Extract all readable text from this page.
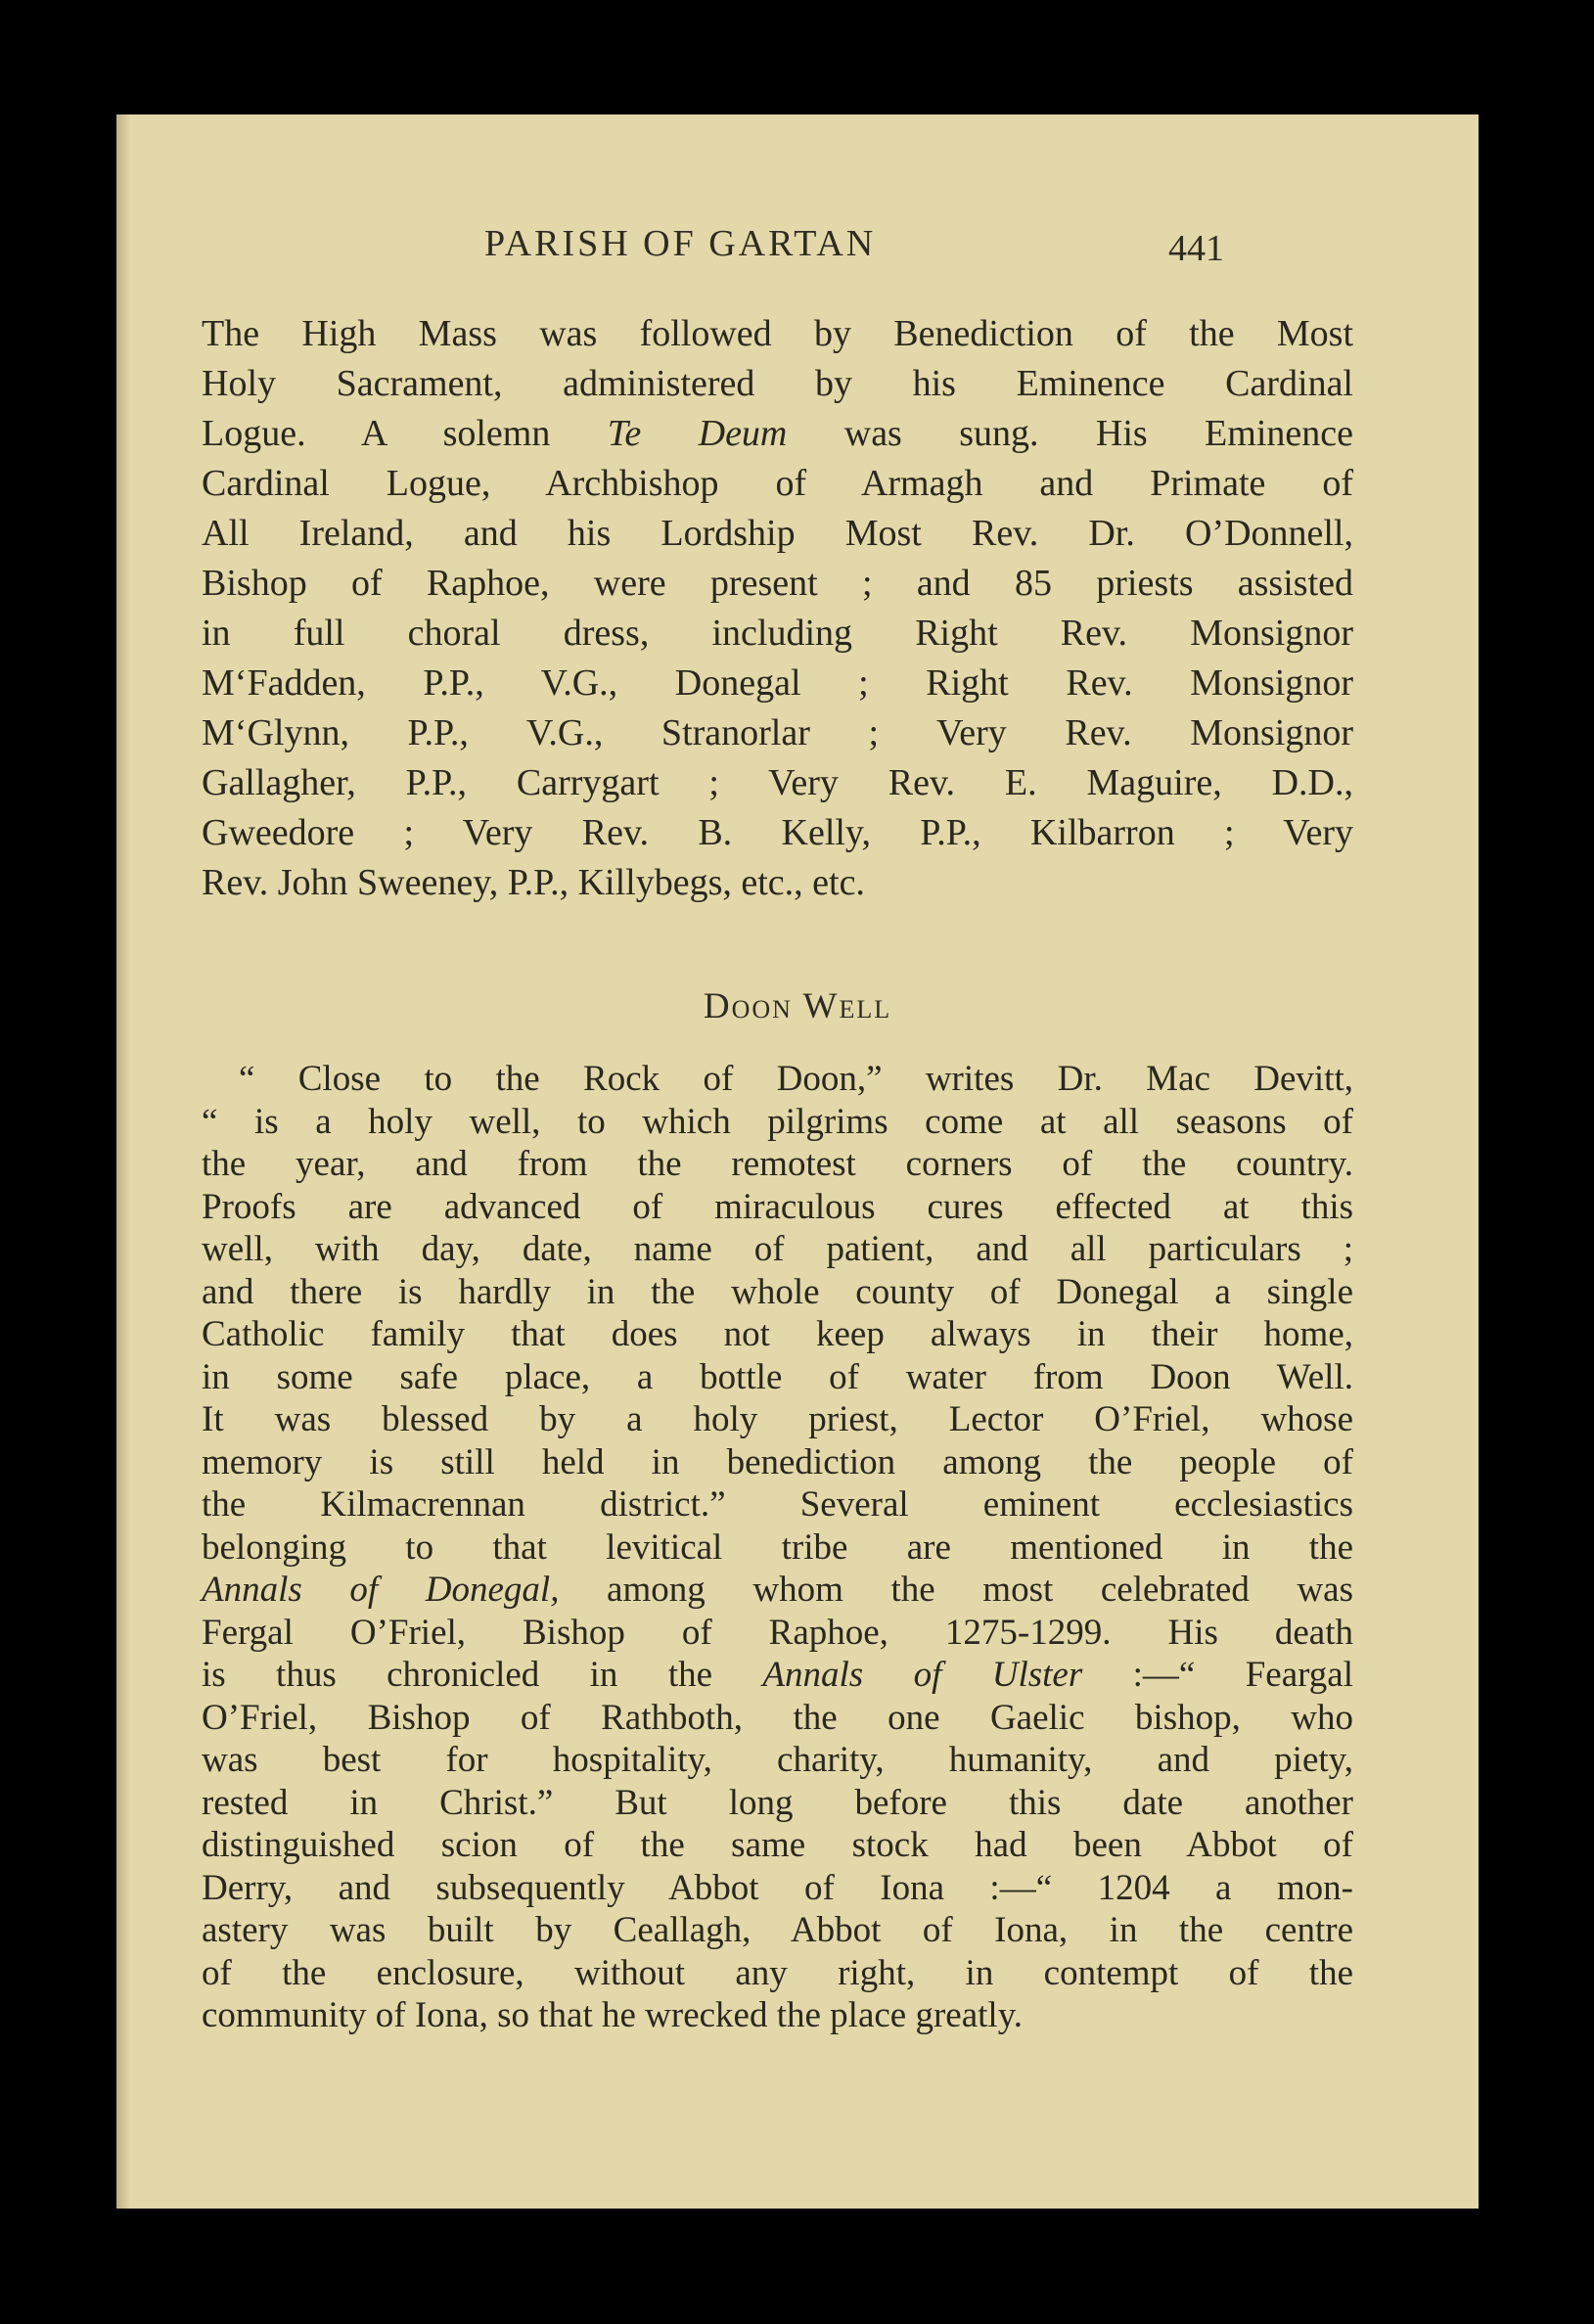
PARISH OF GARTAN	441
The High Mass was followed by Benediction of the Most
Holy Sacrament, administered by his Eminence Cardinal
Logue. A solemn Te Deum was sung. His Eminence
Cardinal Logue, Archbishop of Armagh and Primate of
All Ireland, and his Lordship Most Rev. Dr. O’Donnell,
Bishop of Raphoe, were present ; and 85 priests assisted
in full choral dress, including Right Rev. Monsignor
M‘Fadden, P.P., V.G., Donegal ; Right Rev. Monsignor
M‘Glynn, P.P., V.G., Stranorlar ; Very Rev. Monsignor
Gallagher, P.P., Carrygart ; Very Rev. E. Maguire, D.D.,
Gweedore ; Very Rev. B. Kelly, P.P., Kilbarron ; Very
Rev. John Sweeney, P.P., Killybegs, etc., etc.
Doon Well
“ Close to the Rock of Doon,” writes Dr. Mac Devitt,
“ is a holy well, to which pilgrims come at all seasons of
the year, and from the remotest corners of the country.
Proofs are advanced of miraculous cures effected at this
well, with day, date, name of patient, and all particulars ;
and there is hardly in the whole county of Donegal a single
Catholic family that does not keep always in their home,
in some safe place, a bottle of water from Doon Well.
It was blessed by a holy priest, Lector O’Friel, whose
memory is still held in benediction among the people of
the Kilmacrennan district.” Several eminent ecclesiastics
belonging to that levitical tribe are mentioned in the
Annals of Donegal, among whom the most celebrated was
Fergal O’Friel, Bishop of Raphoe, 1275-1299. His death
is thus chronicled in the Annals of Ulster :—“ Feargal
O’Friel, Bishop of Rathboth, the one Gaelic bishop, who
was best for hospitality, charity, humanity, and piety,
rested in Christ.” But long before this date another
distinguished scion of the same stock had been Abbot of
Derry, and subsequently Abbot of Iona :—“ 1204 a mon-
astery was built by Ceallagh, Abbot of Iona, in the centre
of the enclosure, without any right, in contempt of the
community of Iona, so that he wrecked the place greatly.
